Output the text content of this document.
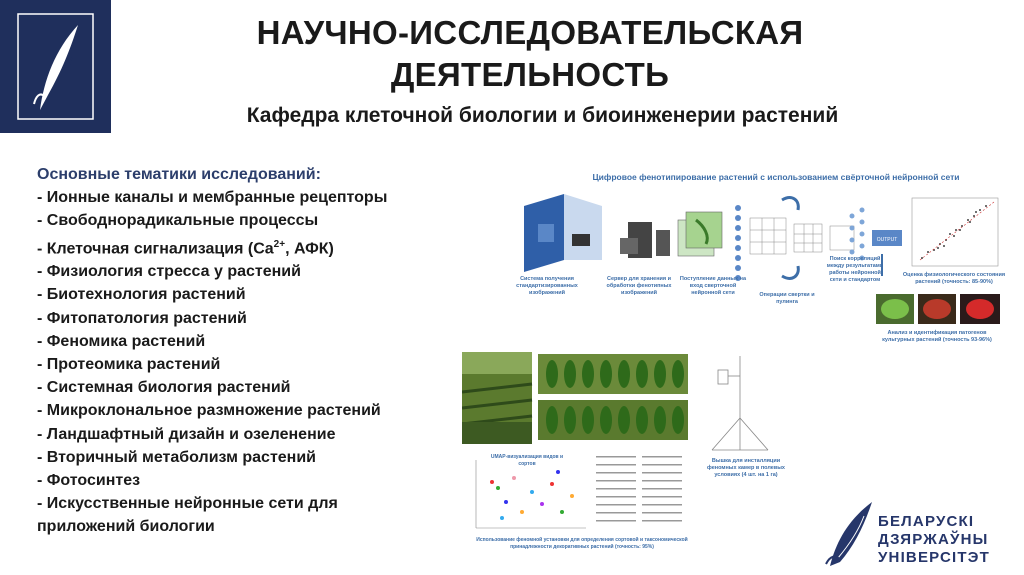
НАУЧНО-ИССЛЕДОВАТЕЛЬСКАЯ
ДЕЯТЕЛЬНОСТЬ
Кафедра клеточной биологии и биоинженерии растений
Основные тематики исследований:
- Ионные каналы и мембранные рецепторы
- Свободнорадикальные процессы
- Клеточная сигнализация ($Ca^{2+}$, АФК)
- Физиология стресса у растений
- Биотехнология растений
- Фитопатология растений
- Феномика растений
- Протеомика растений
- Системная биология растений
- Микроклональное размножение растений
- Ландшафтный дизайн и озеленение
- Вторичный метаболизм растений
- Фотосинтез
- Искусственные нейронные сети для
приложений биологии
Цифровое фенотипирование растений с использованием свёрточной нейронной сети
OUTPUT
Система получения стандартизированных изображений
Сервер для хранения и обработки фенотипных изображений
Поступление данных на вход сверточной нейронной сети	Операции свертки и пулинга
Поиск корреляций между результатами работы нейронной сети и стандартом
Оценка физиологического состояния растений (точность: 85-90%)
Анализ и идентификация патогенов культурных растений (точность 93-96%)
UMAP-визуализация видов и сортов
Использование феномной установки для определения сортовой и таксономической принадлежности декоративных растений (точность: 95%)
Вышка для инсталляции феномных камер в полевых условиях (4 шт. на 1 га)
БЕЛАРУСКІ
ДЗЯРЖАЎНЫ
УНІВЕРСІТЭТ
